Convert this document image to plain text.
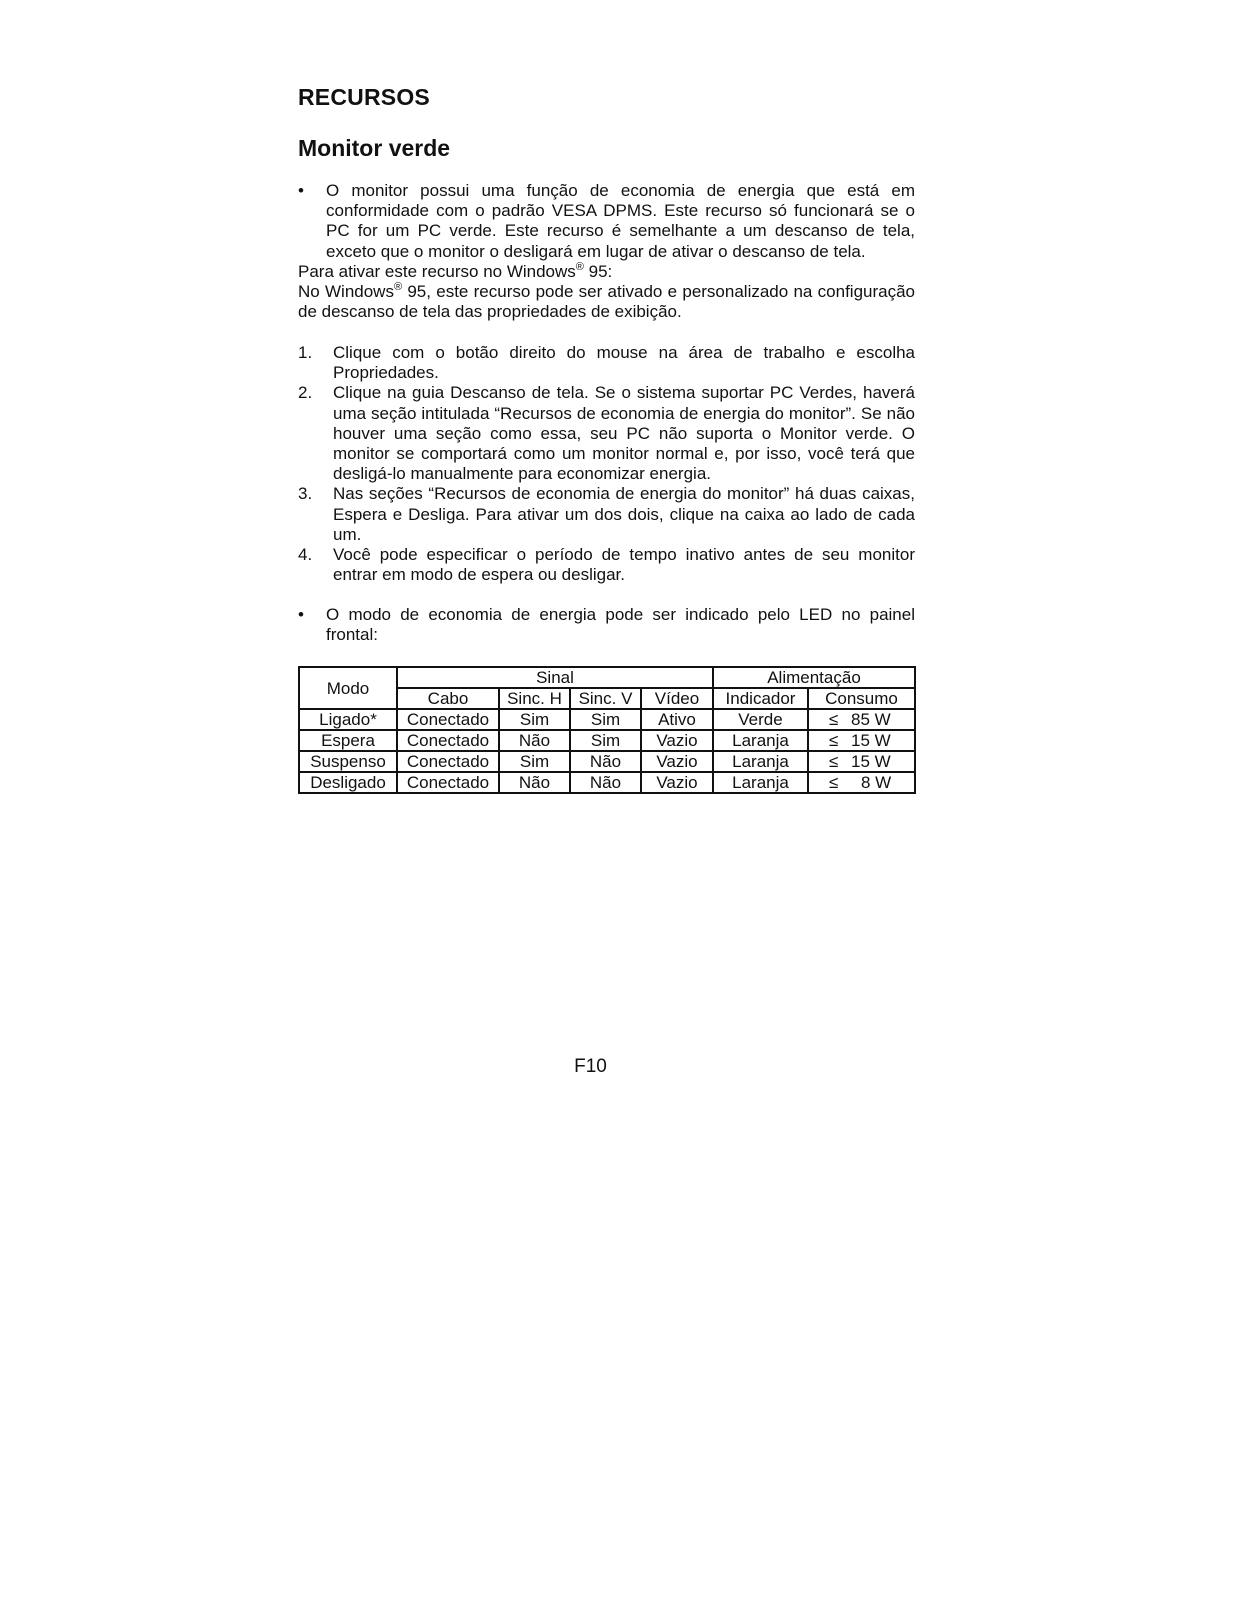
RECURSOS
Monitor verde
•	O monitor possui uma função de economia de energia que está em conformidade com o padrão VESA DPMS. Este recurso só funcionará se o PC for um PC verde. Este recurso é semelhante a um descanso de tela, exceto que o monitor o desligará em lugar de ativar o descanso de tela.
Para ativar este recurso no Windows® 95:
No Windows® 95, este recurso pode ser ativado e personalizado na configuração de descanso de tela das propriedades de exibição.
1. Clique com o botão direito do mouse na área de trabalho e escolha Propriedades.
2. Clique na guia Descanso de tela. Se o sistema suportar PC Verdes, haverá uma seção intitulada “Recursos de economia de energia do monitor”. Se não houver uma seção como essa, seu PC não suporta o Monitor verde. O monitor se comportará como um monitor normal e, por isso, você terá que desligá-lo manualmente para economizar energia.
3. Nas seções “Recursos de economia de energia do monitor” há duas caixas, Espera e Desliga. Para ativar um dos dois, clique na caixa ao lado de cada um.
4. Você pode especificar o período de tempo inativo antes de seu monitor entrar em modo de espera ou desligar.
•	O modo de economia de energia pode ser indicado pelo LED no painel frontal:
Modo	Sinal				Alimentação	
	Cabo	Sinc. H	Sinc. V	Vídeo	Indicador	Consumo
Ligado*	Conectado	Sim	Sim	Ativo	Verde	≤ 85 W
Espera	Conectado	Não	Sim	Vazio	Laranja	≤ 15 W
Suspenso	Conectado	Sim	Não	Vazio	Laranja	≤ 15 W
Desligado	Conectado	Não	Não	Vazio	Laranja	≤ 8 W
F10
